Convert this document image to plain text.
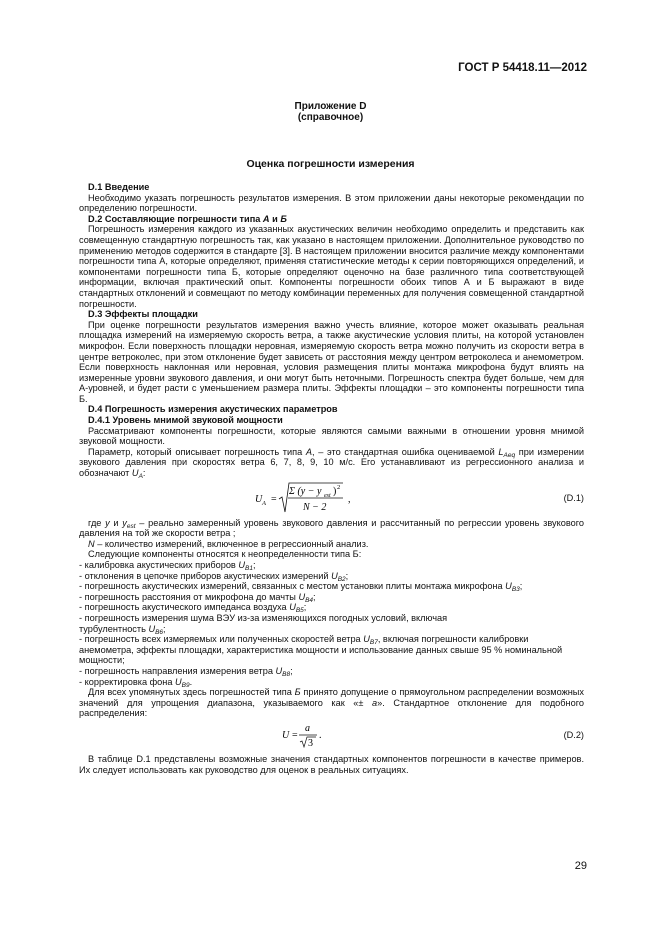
ГОСТ Р 54418.11—2012
Приложение D
(справочное)
Оценка погрешности измерения

D.1 Введение

Необходимо указать погрешность результатов измерения. В этом приложении даны некоторые рекомендации по определению погрешности.

D.2 Составляющие погрешности типа А и Б

Погрешность измерения каждого из указанных акустических величин необходимо определить и представить как совмещенную стандартную погрешность так, как указано в настоящем приложении. Дополнительное руководство по применению методов содержится в стандарте [3]. В настоящем приложении вносится различие между компонентами погрешности типа А, которые определяют, применяя статистические методы к серии повторяющихся определений, и компонентами погрешности типа Б, которые определяют оценочно на базе различного типа соответствующей информации, включая практический опыт. Компоненты погрешности обоих типов А и Б выражают в виде стандартных отклонений и совмещают по методу комбинации переменных для получения совмещенной стандартной погрешности.

D.3 Эффекты площадки

При оценке погрешности результатов измерения важно учесть влияние, которое может оказывать реальная площадка измерений на измеряемую скорость ветра, а также акустические условия плиты, на которой установлен микрофон. Если поверхность площадки неровная, измеряемую скорость ветра можно получить из скорости ветра в центре ветроколес, при этом отклонение будет зависеть от расстояния между центром ветроколеса и анемометром. Если поверхность наклонная или неровная, условия размещения плиты монтажа микрофона будут влиять на измеренные уровни звукового давления, и они могут быть неточными. Погрешность спектра будет больше, чем для А-уровней, и будет расти с уменьшением размера плиты. Эффекты площадки – это компоненты погрешности типа Б.

D.4 Погрешность измерения акустических параметров

D.4.1 Уровень мнимой звуковой мощности

Рассматривают компоненты погрешности, которые являются самыми важными в отношении уровня мнимой звуковой мощности.

Параметр, который описывает погрешность типа А, – это стандартная ошибка оцениваемой $L_{Aeq}$ при измерении звукового давления при скоростях ветра 6, 7, 8, 9, 10 м/с. Его устанавливают из регрессионного анализа и обозначают $U_A$:

U A =
Σ (y − y est ) 2
N − 2
,	(D.1)

где y и $y_{est}$ – реально замеренный уровень звукового давления и рассчитанный по регрессии уровень звукового давления на той же скорости ветра ;

N – количество измерений, включенное в регрессионный анализ.

Следующие компоненты относятся к неопределенности типа Б:

- калибровка акустических приборов $U_{B1}$;

- отклонения в цепочке приборов акустических измерений $U_{B2}$;

- погрешность акустических измерений, связанных с местом установки плиты монтажа микрофона $U_{B3}$;

- погрешность расстояния от микрофона до мачты $U_{B4}$;

- погрешность акустического импеданса воздуха $U_{B5}$;

- погрешность измерения шума ВЭУ из-за изменяющихся погодных условий, включая

турбулентность $U_{B6}$;

- погрешность всех измеряемых или полученных скоростей ветра $U_{B7}$, включая погрешности калибровки анемометра, эффекты площадки, характеристика мощности и использование данных свыше 95 % номинальной мощности;

- погрешность направления измерения ветра $U_{B8}$;

- корректировка фона $U_{B9}$.

Для всех упомянутых здесь погрешностей типа Б принято допущение о прямоугольном распределении возможных значений для упрощения диапазона, указываемого как «± a». Стандартное отклонение для подобного распределения:

U =
a
3
.	(D.2)

В таблице D.1 представлены возможные значения стандартных компонентов погрешности в качестве примеров. Их следует использовать как руководство для оценок в реальных ситуациях.

29
